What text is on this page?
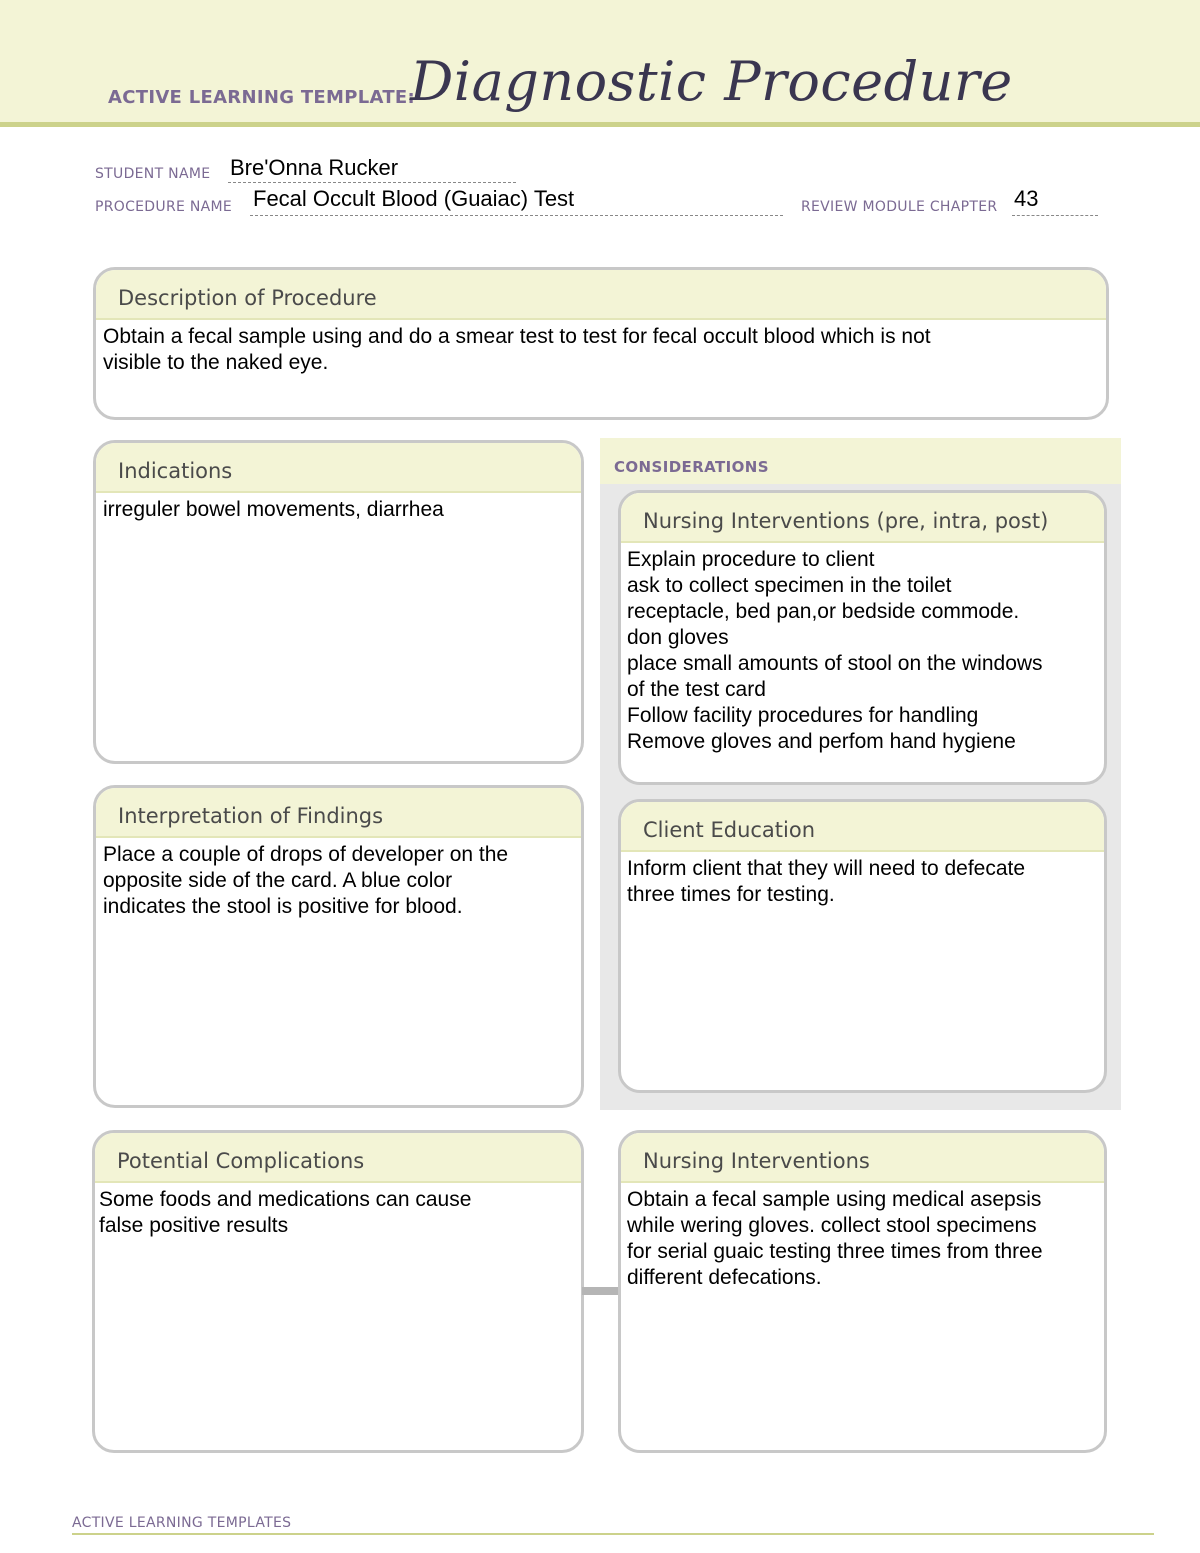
ACTIVE LEARNING TEMPLATE:
Diagnostic Procedure
STUDENT NAME Bre'Onna Rucker
PROCEDURE NAME Fecal Occult Blood (Guaiac) Test	REVIEW MODULE CHAPTER 43
Description of Procedure
Obtain a fecal sample using and do a smear test to test for fecal occult blood which is not
visible to the naked eye.
Indications
irreguler bowel movements, diarrhea
Interpretation of Findings
Place a couple of drops of developer on the
opposite side of the card. A blue color
indicates the stool is positive for blood.
CONSIDERATIONS
Nursing Interventions (pre, intra, post)
Explain procedure to client
ask to collect specimen in the toilet
receptacle, bed pan,or bedside commode.
don gloves
place small amounts of stool on the windows
of the test card
Follow facility procedures for handling
Remove gloves and perfom hand hygiene
Client Education
Inform client that they will need to defecate
three times for testing.
Potential Complications
Some foods and medications can cause
false positive results
Nursing Interventions
Obtain a fecal sample using medical asepsis
while wering gloves. collect stool specimens
for serial guaic testing three times from three
different defecations.
ACTIVE LEARNING TEMPLATES
